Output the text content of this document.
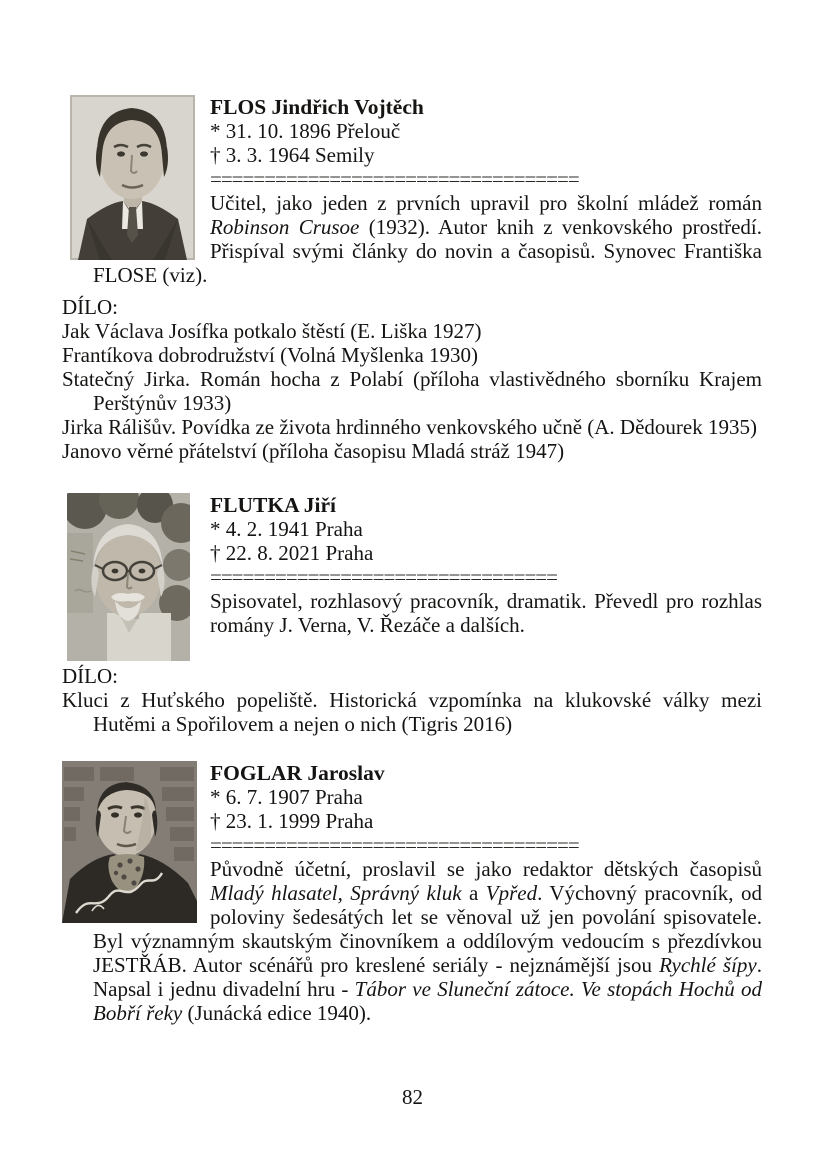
FLOS Jindřich Vojtěch
* 31. 10. 1896 Přelouč
† 3. 3. 1964 Semily
==================================

Učitel, jako jeden z prvních upravil pro školní mládež román Robinson Crusoe (1932). Autor knih z venkovského prostředí. Přispíval svými články do novin a časopisů. Synovec Františka FLOSE (viz).

DÍLO:
Jak Václava Josífka potkalo štěstí (E. Liška 1927)
Frantíkova dobrodružství (Volná Myšlenka 1930)
Statečný Jirka. Román hocha z Polabí (příloha vlastivědného sborníku Krajem Perštýnův 1933)
Jirka Rálišův. Povídka ze života hrdinného venkovského učně (A. Dědourek 1935)
Janovo věrné přátelství (příloha časopisu Mladá stráž 1947)
FLUTKA Jiří
* 4. 2. 1941 Praha
† 22. 8. 2021 Praha
================================

Spisovatel, rozhlasový pracovník, dramatik. Převedl pro rozhlas romány J. Verna, V. Řezáče a dalších.

DÍLO:
Kluci z Huťského popeliště. Historická vzpomínka na klukovské války mezi Hutěmi a Spořilovem a nejen o nich (Tigris 2016)
FOGLAR Jaroslav
* 6. 7. 1907 Praha
† 23. 1. 1999 Praha
==================================

Původně účetní, proslavil se jako redaktor dětských časopisů Mladý hlasatel, Správný kluk a Vpřed. Výchovný pracovník, od poloviny šedesátých let se věnoval už jen povolání spisovatele. Byl významným skautským činovníkem a oddílovým vedoucím s přezdívkou JESTŘÁB. Autor scénářů pro kreslené seriály - nejznámější jsou Rychlé šípy. Napsal i jednu divadelní hru - Tábor ve Sluneční zátoce. Ve stopách Hochů od Bobří řeky (Junácká edice 1940).

82
